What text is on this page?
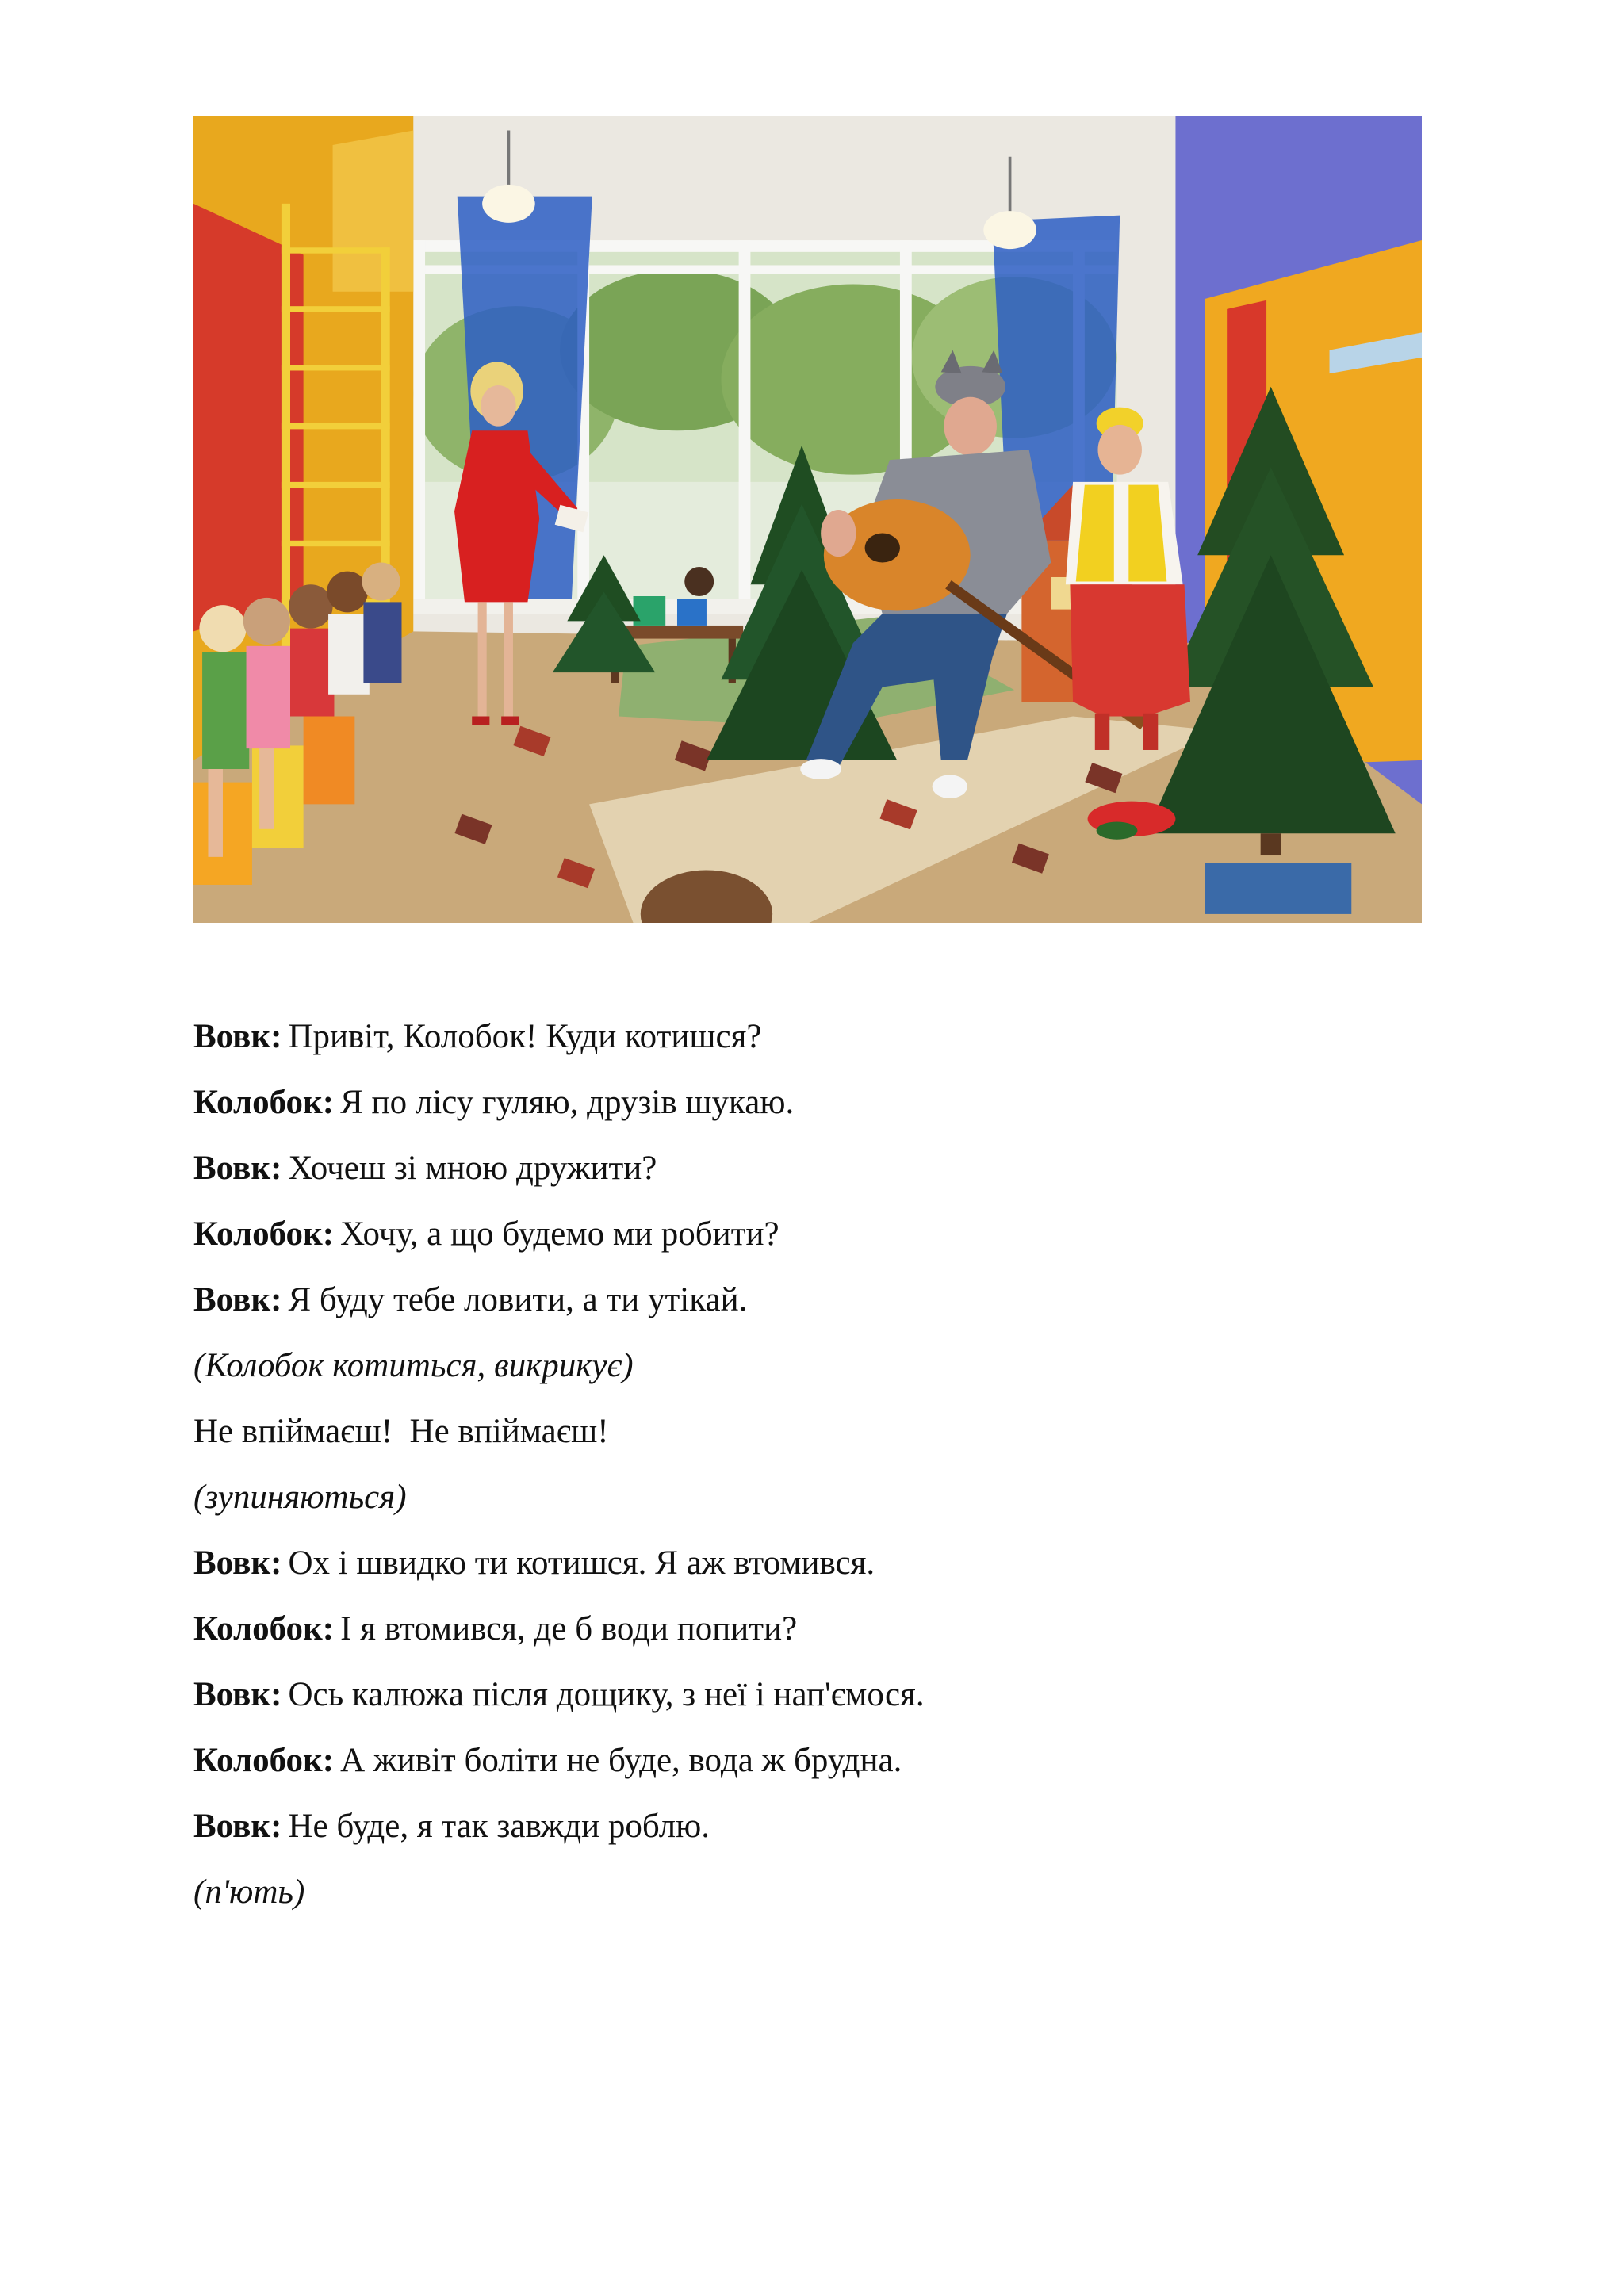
Вовк: Привіт, Колобок! Куди котишся?
Колобок: Я по лісу гуляю, друзів шукаю.
Вовк: Хочеш зі мною дружити?
Колобок: Хочу, а що будемо ми робити?
Вовк: Я буду тебе ловити, а ти утікай.
(Колобок котиться, викрикує)
Не впіймаєш!  Не впіймаєш!
(зупиняються)
Вовк: Ох і швидко ти котишся. Я аж втомився.
Колобок: І я втомився, де б води попити?
Вовк: Ось калюжа після дощику, з неї і нап'ємося.
Колобок: А живіт боліти не буде, вода ж брудна.
Вовк: Не буде, я так завжди роблю.
(п'ють)
